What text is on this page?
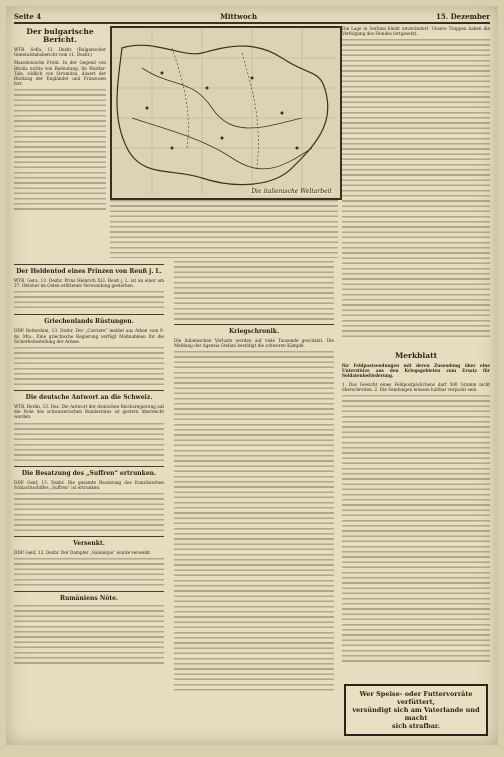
Seite 4	Mittwoch	15. Dezember
Der bulgarische Bericht.
WTB. Sofia, 12. Dezbr. (Bulgarischer Generalstabsbericht vom 11. Dezbr.)
Mazedonische Front. In der Gegend von Bitolia nichts von Bedeutung. Im Wardar-Tale, südlich von Strumitza, dauert der Rückzug der Engländer und Franzosen fort.
Die italienische Weltarbeit
Der Heldentod eines Prinzen von Reuß j. L.
WTB. Gera, 13. Dezbr. Prinz Heinrich XLI. Reuß j. L. ist an einer am 27. Oktober im Osten erlittenen Verwundung gestorben.
Griechenlands Rüstungen.
DDP. Rotterdam, 13. Dezbr. Der „Corriere“ meldet aus Athen vom 9. ds. Mts.: Eine griechische Regierung verfügt Maßnahmen für die Sicherheitsstellung der Armee.
Die deutsche Antwort an die Schweiz.
WTB. Berlin, 13. Dez. Die Antwort der deutschen Reichsregierung auf die Note des schweizerischen Bundesrates ist gestern überreicht worden.
Die Besatzung des „Suffren“ ertrunken.
DDP. Genf, 13. Dezbr. Die gesamte Besatzung des französischen Schlachtschiffes „Suffren“ ist ertrunken.
Versenkt.
DDP. Genf, 12. Dezbr. Der Dampfer „Salonique“ wurde versenkt.
Rumäniens Nöte.
Kriegschronik.
Die italienischen Verluste werden auf viele Tausende geschätzt. Die Meldung der Agenzia Stefani bestätigt die schweren Kämpfe.
Die Lage in Serbien bleibt unverändert. Unsere Truppen haben die Verfolgung des Feindes fortgesetzt.
Merkblatt
für Feldpostsendungen mit deren Zusendung über eine Unterstütze aus den Kriegsgebieten zum Ersatz für Soldatenbeförderung.
1. Das Gewicht eines Feldpostpäckchens darf 500 Gramm nicht überschreiten. 2. Die Sendungen müssen haltbar verpackt sein.
Wer Speise- oder Futtervorräte verfüttert,
versündigt sich am Vaterlande und macht
sich strafbar.
